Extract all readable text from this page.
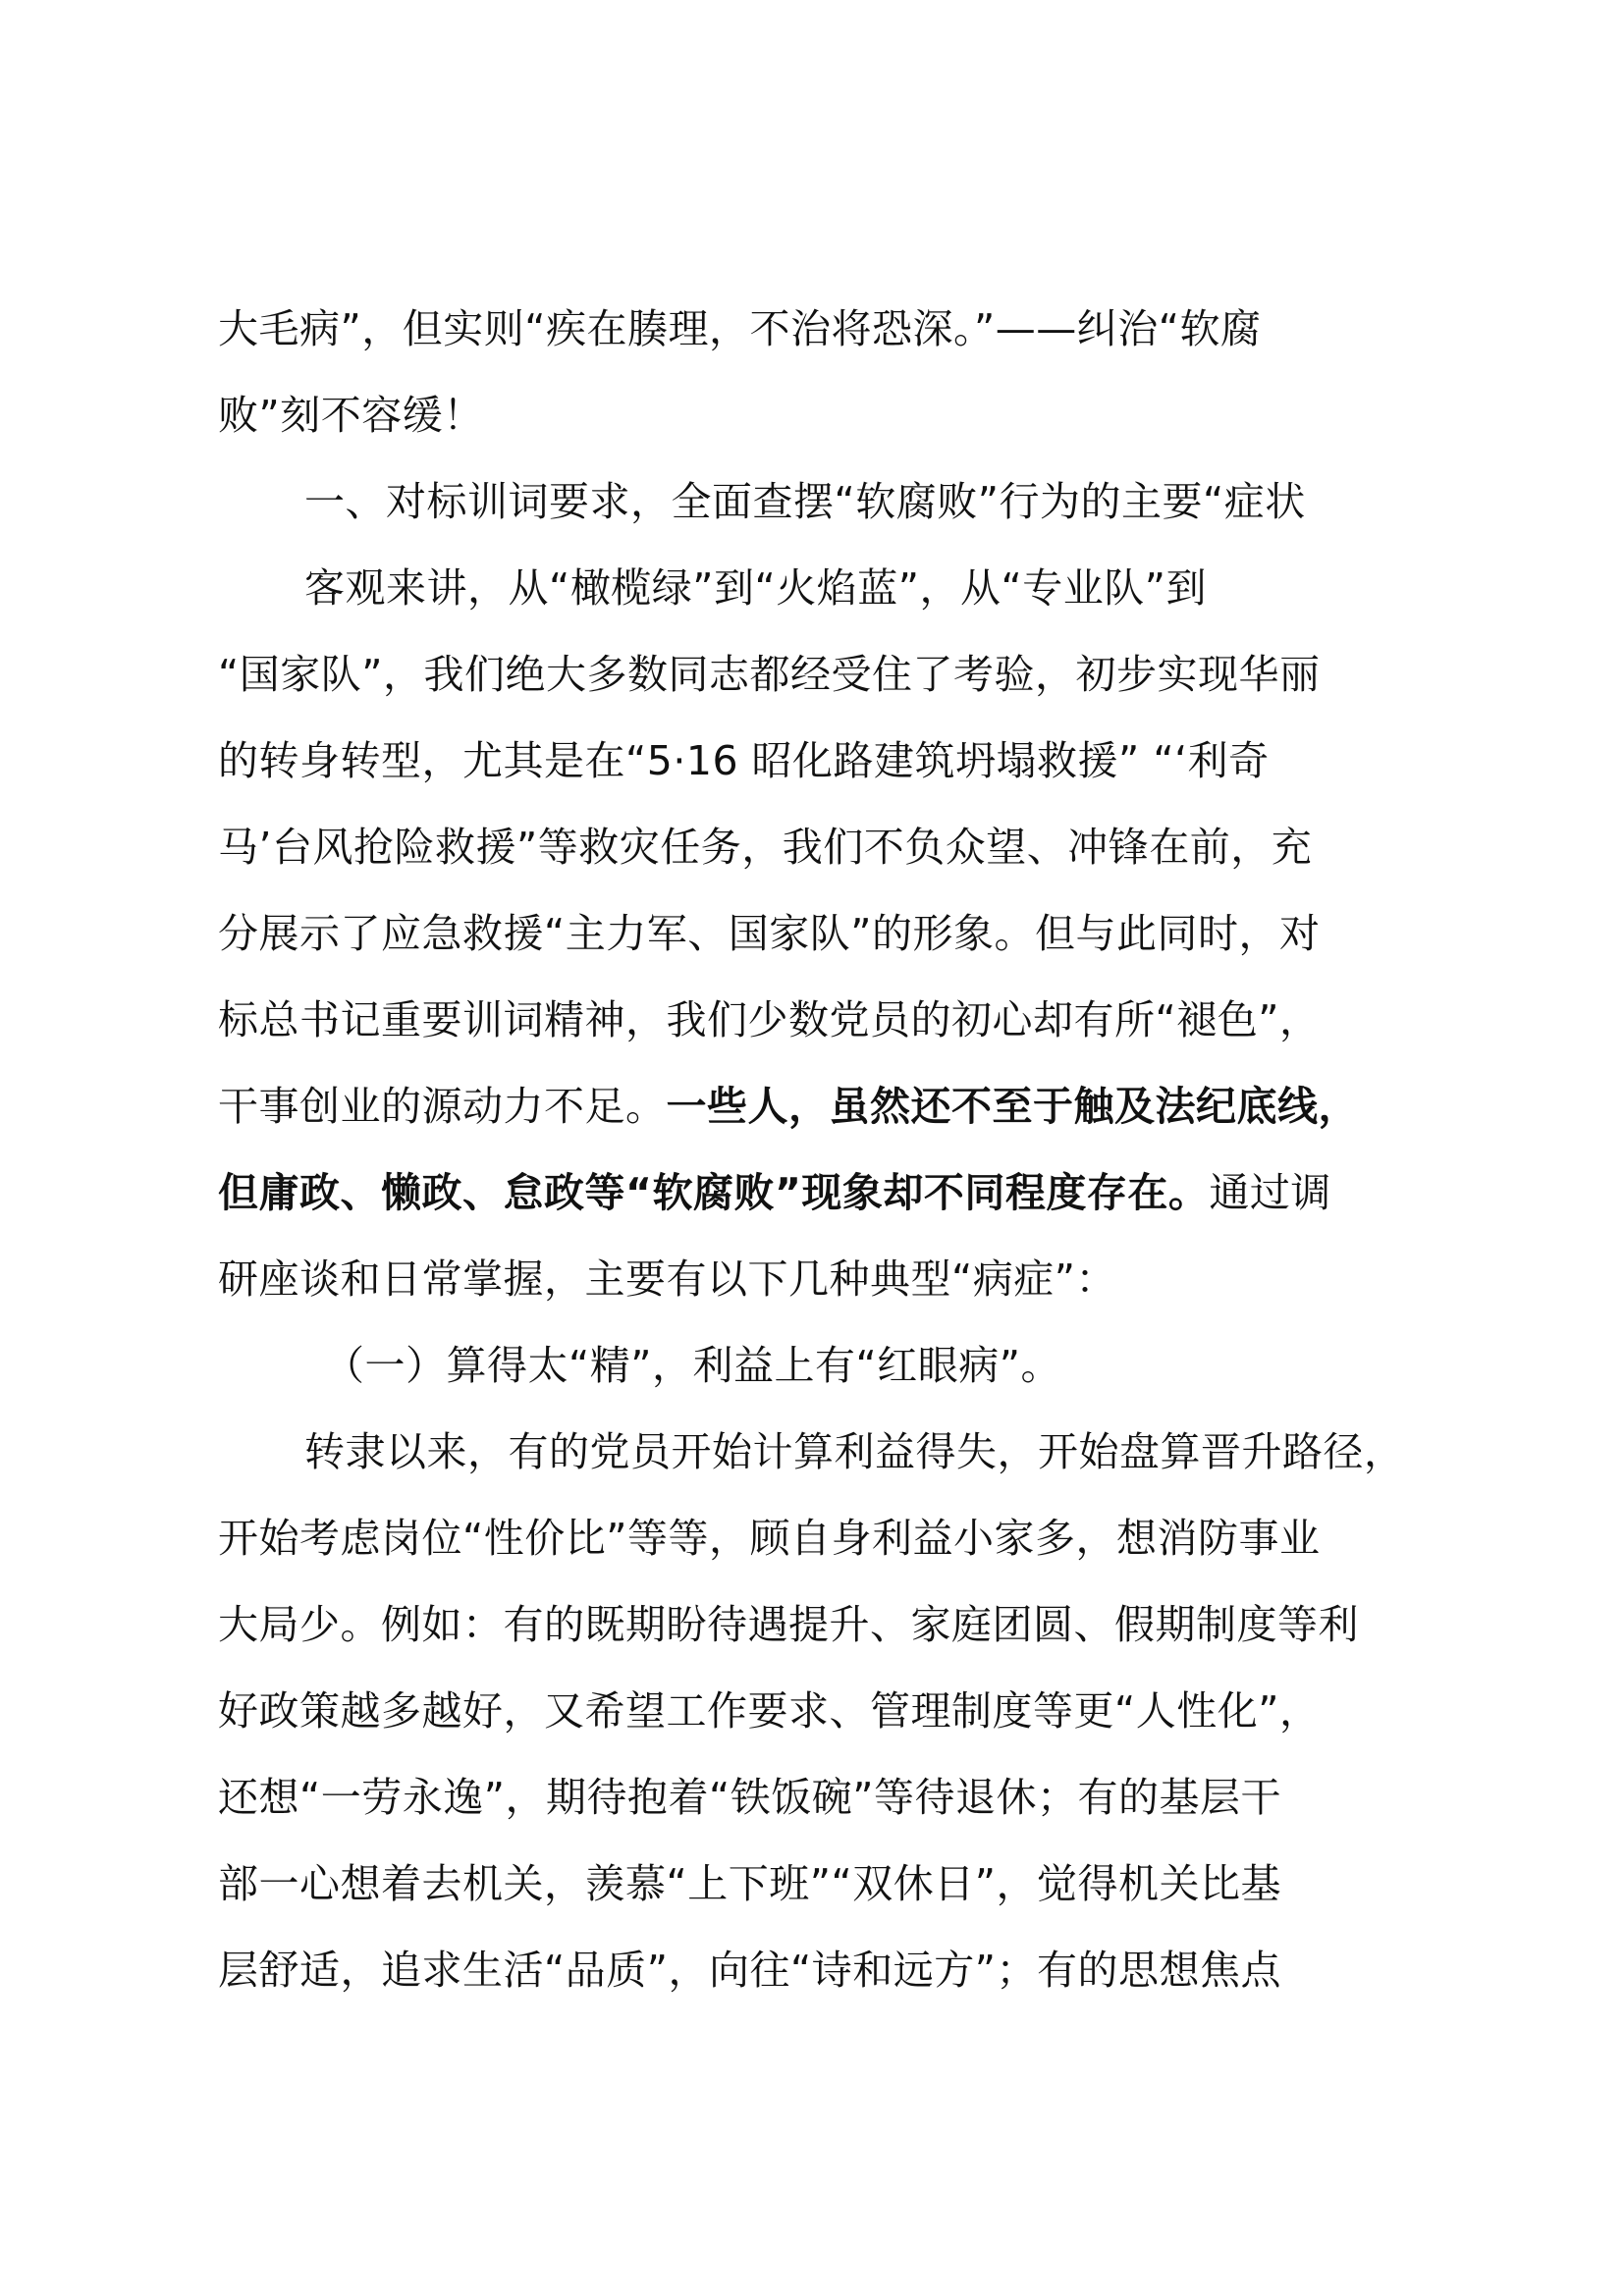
大毛病”，但实则“疾在腠理，不治将恐深。”——纠治“软腐
败”刻不容缓！
一、对标训词要求，全面查摆“软腐败”行为的主要“症状
客观来讲，从“橄榄绿”到“火焰蓝”，从“专业队”到
“国家队”，我们绝大多数同志都经受住了考验，初步实现华丽
的转身转型，尤其是在“5·16 昭化路建筑坍塌救援” “‘利奇
马’台风抢险救援”等救灾任务，我们不负众望、冲锋在前，充
分展示了应急救援“主力军、国家队”的形象。但与此同时，对
标总书记重要训词精神，我们少数党员的初心却有所“褪色”，
干事创业的源动力不足。一些人，虽然还不至于触及法纪底线，
但庸政、懒政、怠政等“软腐败”现象却不同程度存在。通过调
研座谈和日常掌握，主要有以下几种典型“病症”：
（一）算得太“精”，利益上有“红眼病”。
转隶以来，有的党员开始计算利益得失，开始盘算晋升路径，
开始考虑岗位“性价比”等等，顾自身利益小家多，想消防事业
大局少。例如：有的既期盼待遇提升、家庭团圆、假期制度等利
好政策越多越好，又希望工作要求、管理制度等更“人性化”，
还想“一劳永逸”，期待抱着“铁饭碗”等待退休；有的基层干
部一心想着去机关，羡慕“上下班”“双休日”，觉得机关比基
层舒适，追求生活“品质”，向往“诗和远方”；有的思想焦点
